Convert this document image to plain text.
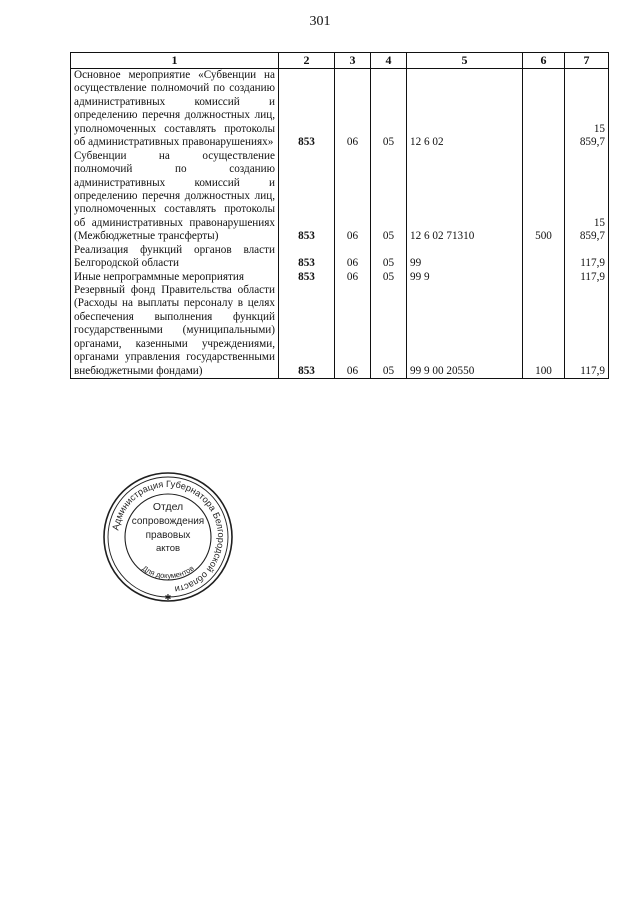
301
1	2	3	4	5	6	7
Основное мероприятие «Субвенции на осуществление полномочий по созданию административных комиссий и определению перечня должностных лиц, уполномоченных составлять протоколы об административных правонарушениях»	853	06	05	12 6 02		15 859,7
Субвенции на осуществление полномочий по созданию административных комиссий и определению перечня должностных лиц, уполномоченных составлять протоколы об административных правонарушениях (Межбюджетные трансферты)	853	06	05	12 6 02 71310	500	15 859,7
Реализация функций органов власти Белгородской области	853	06	05	99		117,9
Иные непрограммные мероприятия	853	06	05	99 9		117,9
Резервный фонд Правительства области (Расходы на выплаты персоналу в целях обеспечения выполнения функций государственными (муниципальными) органами, казенными учреждениями, органами управления государственными внебюджетными фондами)	853	06	05	99 9 00 20550	100	117,9
Администрация Губернатора Белгородской области
Отдел
сопровождения
правовых
актов
Для документов
✱
